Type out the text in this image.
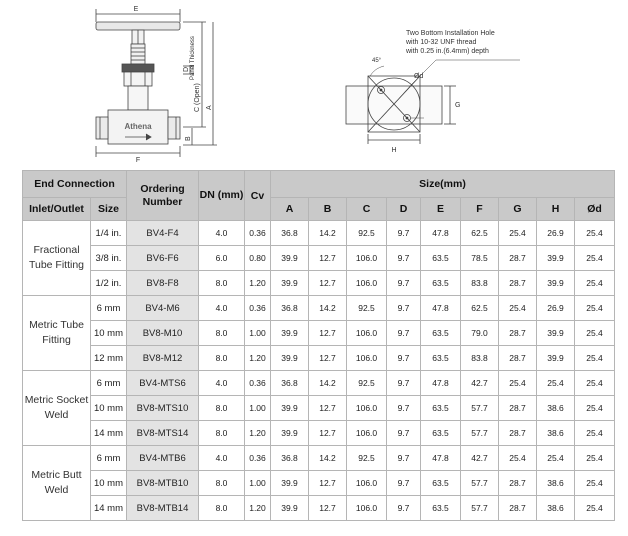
E
Athena
F
D Panel Thickness
C (Open) A
B
Two Bottom Installation Hole
with 10-32 UNF thread
with 0.25 in.(6.4mm) depth
45°
Ød
G
H
End Connection		Ordering Number	DN (mm)	Cv	Size(mm)								
Inlet/Outlet	Size				A	B	C	D	E	F	G	H	Ød
Fractional Tube Fitting	1/4 in.	BV4-F4	4.0	0.36	36.8	14.2	92.5	9.7	47.8	62.5	25.4	26.9	25.4
	3/8 in.	BV6-F6	6.0	0.80	39.9	12.7	106.0	9.7	63.5	78.5	28.7	39.9	25.4
	1/2 in.	BV8-F8	8.0	1.20	39.9	12.7	106.0	9.7	63.5	83.8	28.7	39.9	25.4
Metric Tube Fitting	6 mm	BV4-M6	4.0	0.36	36.8	14.2	92.5	9.7	47.8	62.5	25.4	26.9	25.4
	10 mm	BV8-M10	8.0	1.00	39.9	12.7	106.0	9.7	63.5	79.0	28.7	39.9	25.4
	12 mm	BV8-M12	8.0	1.20	39.9	12.7	106.0	9.7	63.5	83.8	28.7	39.9	25.4
Metric Socket Weld	6 mm	BV4-MTS6	4.0	0.36	36.8	14.2	92.5	9.7	47.8	42.7	25.4	25.4	25.4
	10 mm	BV8-MTS10	8.0	1.00	39.9	12.7	106.0	9.7	63.5	57.7	28.7	38.6	25.4
	14 mm	BV8-MTS14	8.0	1.20	39.9	12.7	106.0	9.7	63.5	57.7	28.7	38.6	25.4
Metric Butt Weld	6 mm	BV4-MTB6	4.0	0.36	36.8	14.2	92.5	9.7	47.8	42.7	25.4	25.4	25.4
	10 mm	BV8-MTB10	8.0	1.00	39.9	12.7	106.0	9.7	63.5	57.7	28.7	38.6	25.4
	14 mm	BV8-MTB14	8.0	1.20	39.9	12.7	106.0	9.7	63.5	57.7	28.7	38.6	25.4
